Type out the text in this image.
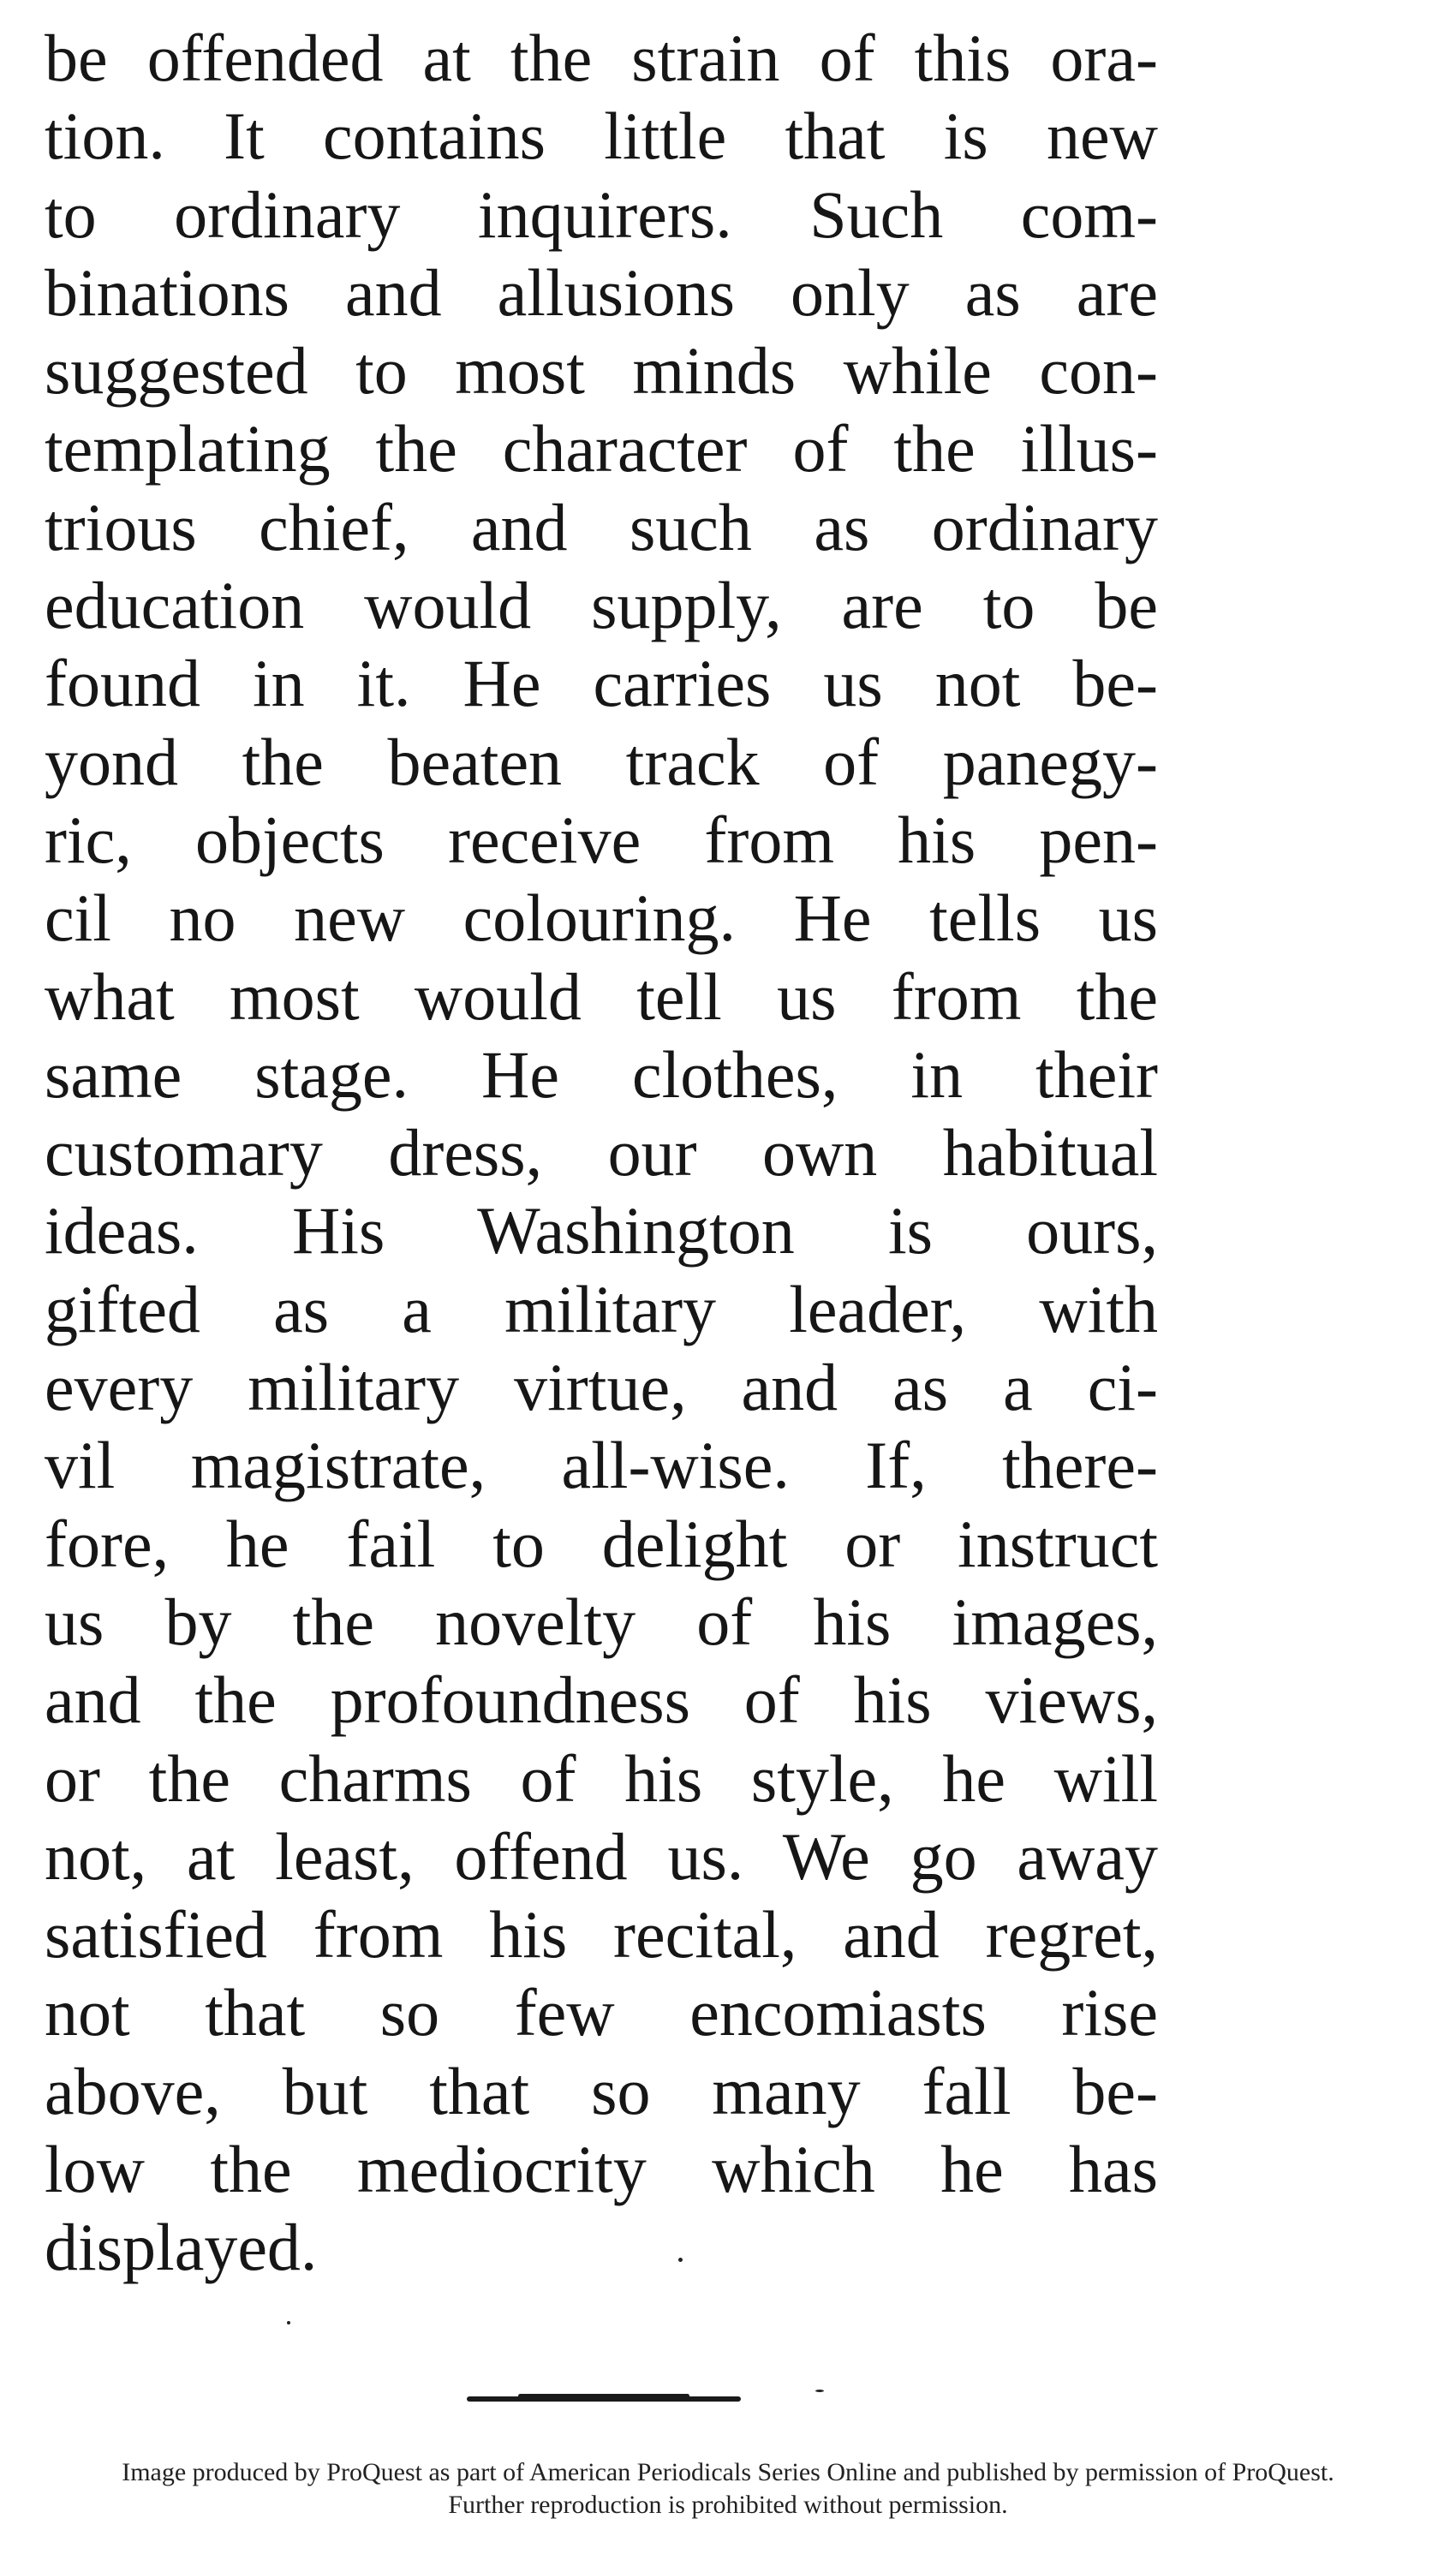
be offended at the strain of this ora-
tion. It contains little that is new
to ordinary inquirers. Such com-
binations and allusions only as are
suggested to most minds while con-
templating the character of the illus-
trious chief, and such as ordinary
education would supply, are to be
found in it. He carries us not be-
yond the beaten track of panegy-
ric, objects receive from his pen-
cil no new colouring. He tells us
what most would tell us from the
same stage. He clothes, in their
customary dress, our own habitual
ideas. His Washington is ours,
gifted as a military leader, with
every military virtue, and as a ci-
vil magistrate, all-wise. If, there-
fore, he fail to delight or instruct
us by the novelty of his images,
and the profoundness of his views,
or the charms of his style, he will
not, at least, offend us. We go away
satisfied from his recital, and regret,
not that so few encomiasts rise
above, but that so many fall be-
low the mediocrity which he has
displayed.
Image produced by ProQuest as part of American Periodicals Series Online and published by permission of ProQuest.
Further reproduction is prohibited without permission.
